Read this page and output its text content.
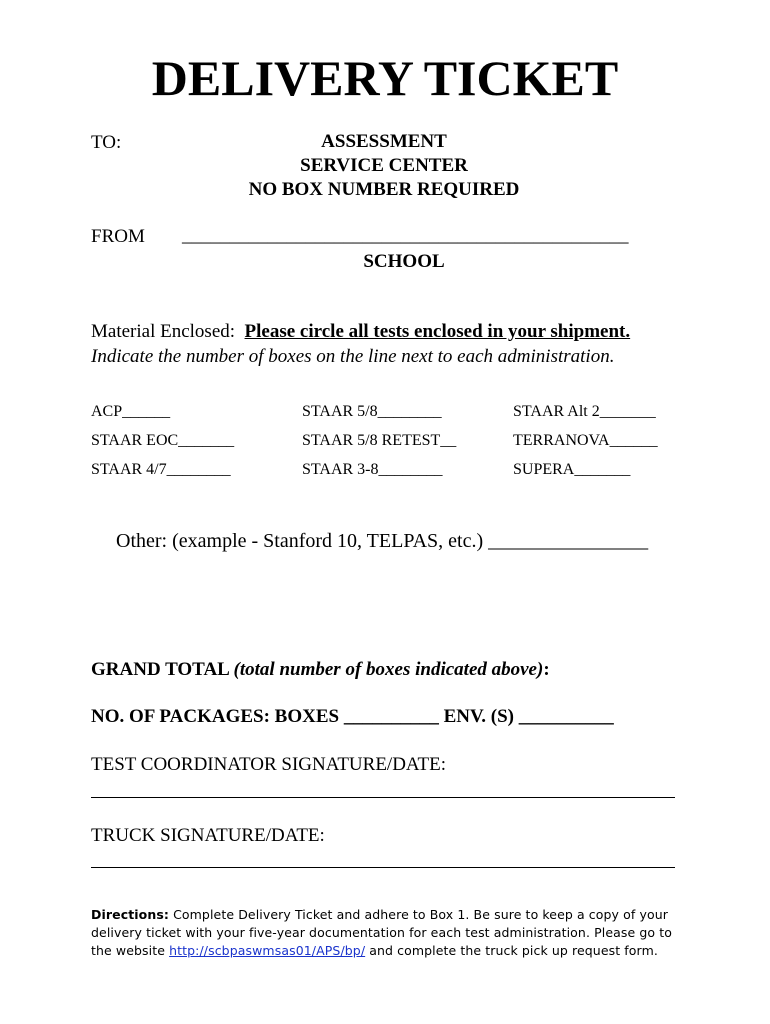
DELIVERY TICKET
TO:	ASSESSMENT
SERVICE CENTER
NO BOX NUMBER REQUIRED
FROM _______________________________________________
SCHOOL
Material Enclosed: Please circle all tests enclosed in your shipment.
Indicate the number of boxes on the line next to each administration.
ACP______	STAAR 5/8________	STAAR Alt 2_______
STAAR EOC_______	STAAR 5/8 RETEST__	TERRANOVA______
STAAR 4/7________	STAAR 3-8________	SUPERA_______
Other: (example - Stanford 10, TELPAS, etc.) ________________
GRAND TOTAL (total number of boxes indicated above):
NO. OF PACKAGES: BOXES __________ ENV. (S) __________
TEST COORDINATOR SIGNATURE/DATE:
TRUCK SIGNATURE/DATE:
Directions: Complete Delivery Ticket and adhere to Box 1. Be sure to keep a copy of your delivery ticket with your five-year documentation for each test administration. Please go to the website http://scbpaswmsas01/APS/bp/ and complete the truck pick up request form.
